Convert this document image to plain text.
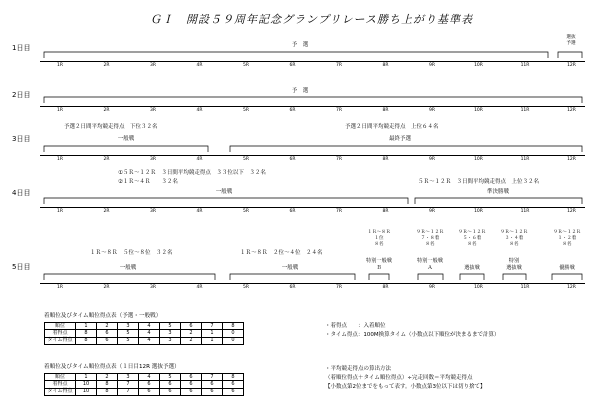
ＧＩ　開設５９周年記念グランプリレース勝ち上がり基準表
1日目
2日目
3日目
4日目
5日目
1R	2R	3R	4R	5R	6R	7R	8R	9R	10R	11R	12R
1R	2R	3R	4R	5R	6R	7R	8R	9R	10R	11R	12R
1R	2R	3R	4R	5R	6R	7R	8R	9R	10R	11R	12R
1R	2R	3R	4R	5R	6R	7R	8R	9R	10R	11R	12R
1R	2R	3R	4R	5R	6R	7R	8R	9R	10R	11R	12R
予　選
選抜
予選
予　選
予選２日間平均競走得点　下位３２名
一般戦
予選２日間平均競走得点　上位６４名
最終予選
①５Ｒ～１２Ｒ　３日間平均競走得点　３３位以下　３２名
②１Ｒ～４Ｒ　　３２名
一般戦
５Ｒ～１２Ｒ　３日間平均競走得点　上位３２名
準決勝戦
１Ｒ～８Ｒ　５位～８位　３２名
一般戦
１Ｒ～８Ｒ　２位～４位　２４名
一般戦
１Ｒ～８Ｒ
１位
８名
特別一般戦
Ｂ
９Ｒ～１２Ｒ
７・８着
８名
特別一般戦
Ａ
９Ｒ～１２Ｒ
５・６着
８名
選抜戦
９Ｒ～１２Ｒ
３・４着
８名
特別
選抜戦
９Ｒ～１２Ｒ
１・２着
８名
優勝戦
着順位及びタイム順位得点表（予選・一般戦）
順位	1	2	3	4	5	6	7	8
着得点	8	6	5	4	3	2	1	0
タイム得点	8	6	5	4	3	2	1	0
着順位及びタイム順位得点表（１日目12R 選抜予選）
順位	1	2	3	4	5	6	7	8
着得点	10	8	7	6	6	6	6	6
タイム得点	10	8	7	6	6	6	6	6
・着得点　　：入着順位
・タイム得点：100M換算タイム（小数点以下順位が決まるまで計算）
・平均競走得点の算出方法
（着順位得点＋タイム順位得点）÷完走回数＝平均競走得点
【小数点第2位までをもって表す。小数点第3位以下は切り捨て】
